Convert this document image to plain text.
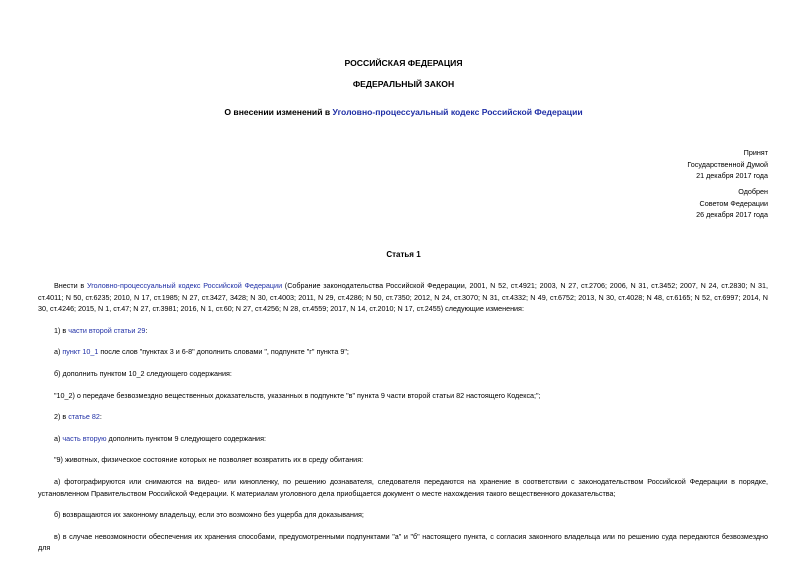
РОССИЙСКАЯ ФЕДЕРАЦИЯ
ФЕДЕРАЛЬНЫЙ ЗАКОН
О внесении изменений в Уголовно-процессуальный кодекс Российской Федерации
Принят
Государственной Думой
21 декабря 2017 года
Одобрен
Советом Федерации
26 декабря 2017 года
Статья 1

Внести в Уголовно-процессуальный кодекс Российской Федерации (Собрание законодательства Российской Федерации, 2001, N 52, ст.4921; 2003, N 27, ст.2706; 2006, N 31, ст.3452; 2007, N 24, ст.2830; N 31, ст.4011; N 50, ст.6235; 2010, N 17, ст.1985; N 27, ст.3427, 3428; N 30, ст.4003; 2011, N 29, ст.4286; N 50, ст.7350; 2012, N 24, ст.3070; N 31, ст.4332; N 49, ст.6752; 2013, N 30, ст.4028; N 48, ст.6165; N 52, ст.6997; 2014, N 30, ст.4246; 2015, N 1, ст.47; N 27, ст.3981; 2016, N 1, ст.60; N 27, ст.4256; N 28, ст.4559; 2017, N 14, ст.2010; N 17, ст.2455) следующие изменения:

1) в части второй статьи 29:

а) пункт 10_1 после слов "пунктах 3 и 6-8" дополнить словами ", подпункте "г" пункта 9";

б) дополнить пунктом 10_2 следующего содержания:

"10_2) о передаче безвозмездно вещественных доказательств, указанных в подпункте "в" пункта 9 части второй статьи 82 настоящего Кодекса;";

2) в статье 82:

а) часть вторую дополнить пунктом 9 следующего содержания:

"9) животных, физическое состояние которых не позволяет возвратить их в среду обитания:

а) фотографируются или снимаются на видео- или кинопленку, по решению дознавателя, следователя передаются на хранение в соответствии с законодательством Российской Федерации в порядке, установленном Правительством Российской Федерации. К материалам уголовного дела приобщается документ о месте нахождения такого вещественного доказательства;

б) возвращаются их законному владельцу, если это возможно без ущерба для доказывания;

в) в случае невозможности обеспечения их хранения способами, предусмотренными подпунктами "а" и "б" настоящего пункта, с согласия законного владельца или по решению суда передаются безвозмездно для
